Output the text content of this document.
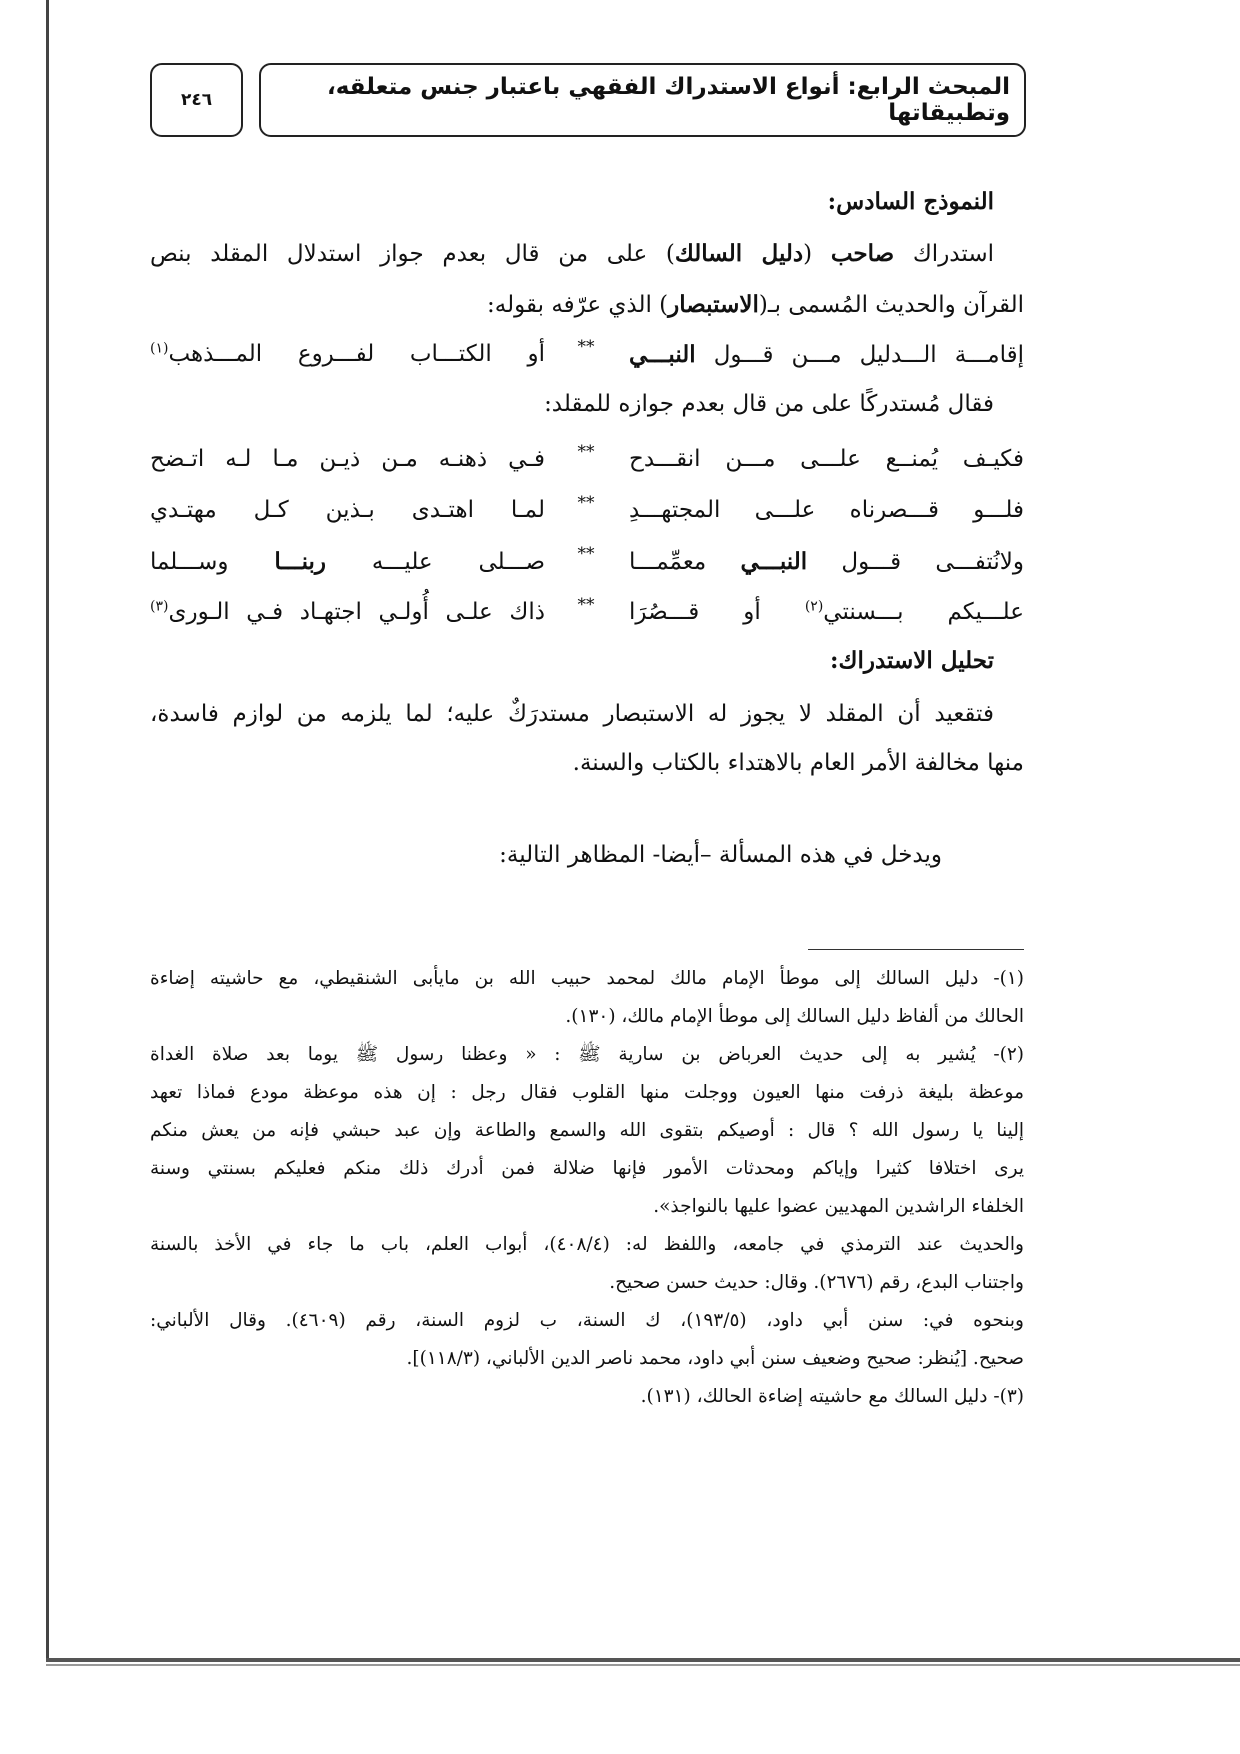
المبحث الرابع: أنواع الاستدراك الفقهي باعتبار جنس متعلقه، وتطبيقاتها
٢٤٦
النموذج السادس:
استدراك صاحب (دليل السالك) على من قال بعدم جواز استدلال المقلد بنص
القرآن والحديث المُسمى بـ(الاستبصار) الذي عرّفه بقوله:
إقامـــة الـــدليل مـــن قـــول النبـــي
**
أو الكتـــاب لفـــروع المـــذهب$^{(١)}$
فقال مُستدركًا على من قال بعدم جوازه للمقلد:
فكيـف يُمنــع علـــى مـــن انقـــدح
**
فـي ذهنـه مـن ذيـن مـا لـه اتـضح
فلـــو قـــصرناه علـــى المجتهـــدِ
**
لمـا اهتـدى بـذين كـل مهتـدي
ولانُتفـــى قـــول النبـــي معمِّمـــا
**
صـــلى عليـــه ربنـــا وســـلما
علـــيكم بـــسنتي$^{(٢)}$ أو قـــصُرَا
**
ذاك علـى أُولـي اجتهـاد فـي الـورى$^{(٣)}$
تحليل الاستدراك:
فتقعيد أن المقلد لا يجوز له الاستبصار مستدرَكٌ عليه؛ لما يلزمه من لوازم فاسدة،
منها مخالفة الأمر العام بالاهتداء بالكتاب والسنة.
ويدخل في هذه المسألة –أيضا- المظاهر التالية:
(١)- دليل السالك إلى موطأ الإمام مالك لمحمد حبيب الله بن مايأبى الشنقيطي، مع حاشيته إضاءة
الحالك من ألفاظ دليل السالك إلى موطأ الإمام مالك، (١٣٠).
(٢)- يُشير به إلى حديث العرباض بن سارية ﷺ : « وعظنا رسول ﷺ يوما بعد صلاة الغداة
موعظة بليغة ذرفت منها العيون ووجلت منها القلوب فقال رجل : إن هذه موعظة مودع فماذا تعهد
إلينا يا رسول الله ؟ قال : أوصيكم بتقوى الله والسمع والطاعة وإن عبد حبشي فإنه من يعش منكم
يرى اختلافا كثيرا وإياكم ومحدثات الأمور فإنها ضلالة فمن أدرك ذلك منكم فعليكم بسنتي وسنة
الخلفاء الراشدين المهديين عضوا عليها بالنواجذ».
والحديث عند الترمذي في جامعه، واللفظ له: (٤٠٨/٤)، أبواب العلم، باب ما جاء في الأخذ بالسنة
واجتناب البدع، رقم (٢٦٧٦). وقال: حديث حسن صحيح.
وبنحوه في: سنن أبي داود، (١٩٣/٥)، ك السنة، ب لزوم السنة، رقم (٤٦٠٩). وقال الألباني:
صحيح. [يُنظر: صحيح وضعيف سنن أبي داود، محمد ناصر الدين الألباني، (١١٨/٣)].
(٣)- دليل السالك مع حاشيته إضاءة الحالك، (١٣١).
